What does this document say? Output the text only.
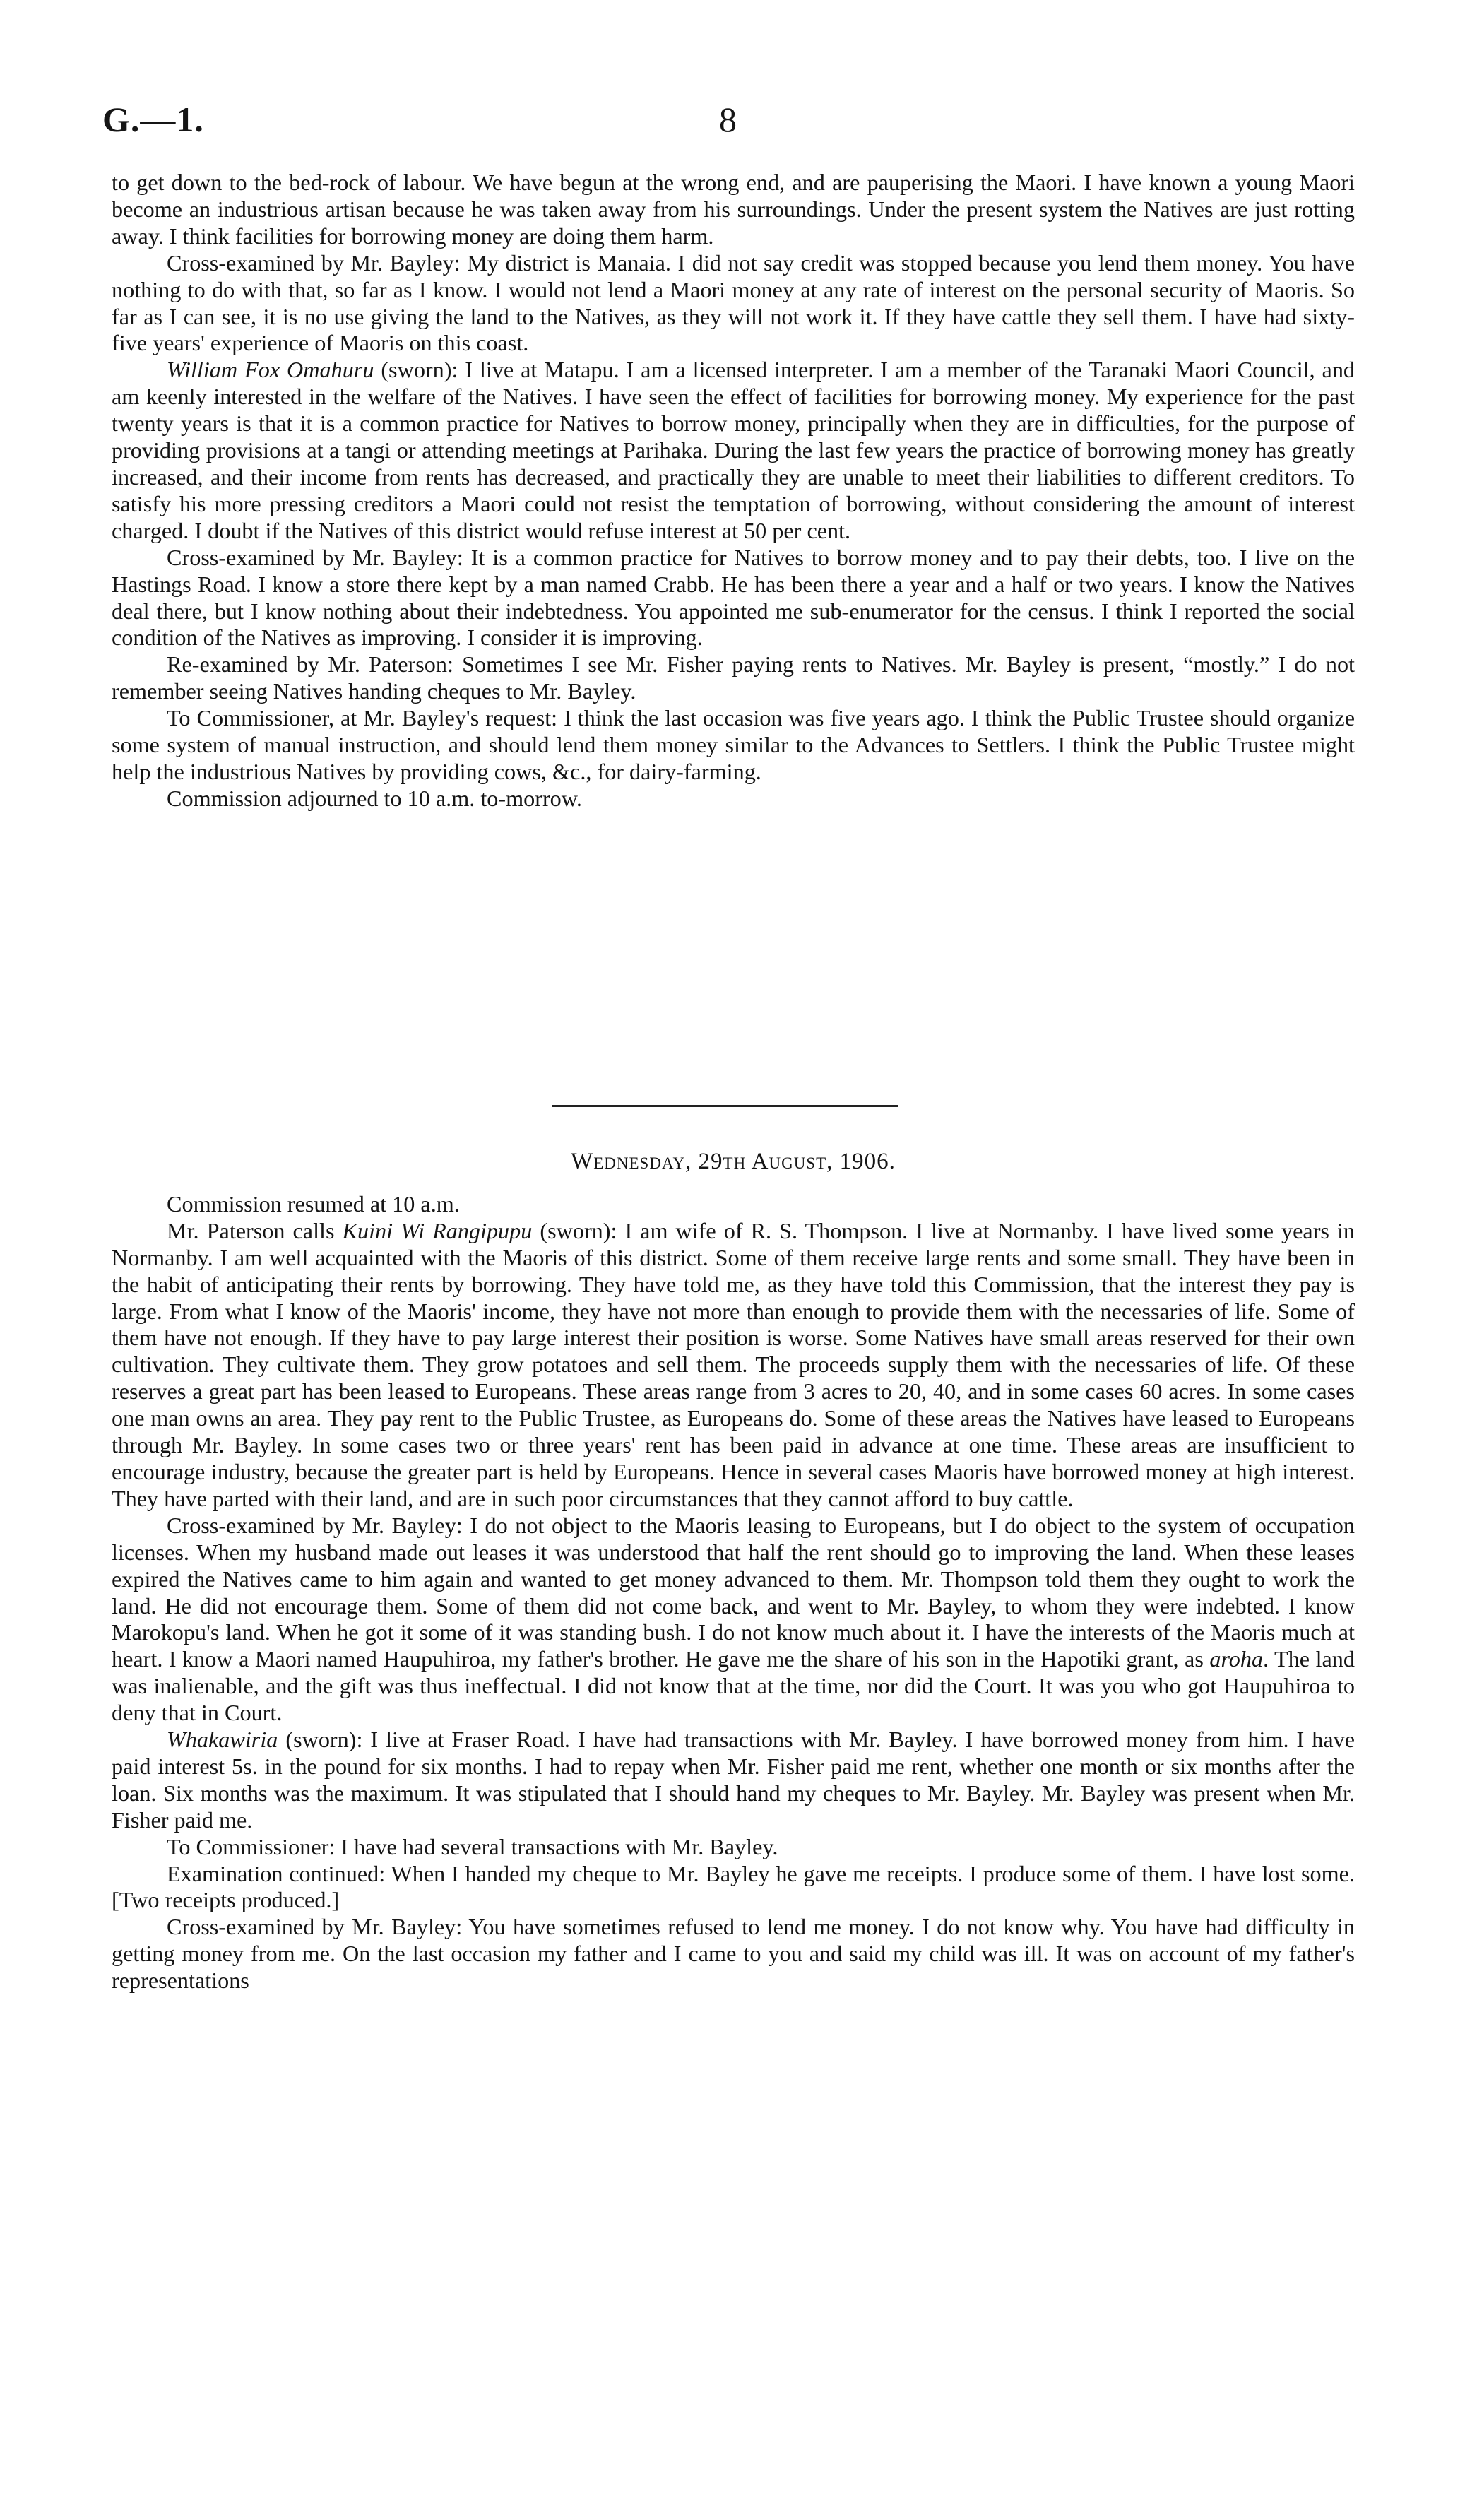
G.—1.	8

to get down to the bed-rock of labour. We have begun at the wrong end, and are pauperising the Maori. I have known a young Maori become an industrious artisan because he was taken away from his surroundings. Under the present system the Natives are just rotting away. I think facilities for borrowing money are doing them harm.

Cross-examined by Mr. Bayley: My district is Manaia. I did not say credit was stopped because you lend them money. You have nothing to do with that, so far as I know. I would not lend a Maori money at any rate of interest on the personal security of Maoris. So far as I can see, it is no use giving the land to the Natives, as they will not work it. If they have cattle they sell them. I have had sixty-five years' experience of Maoris on this coast.

William Fox Omahuru (sworn): I live at Matapu. I am a licensed interpreter. I am a member of the Taranaki Maori Council, and am keenly interested in the welfare of the Natives. I have seen the effect of facilities for borrowing money. My experience for the past twenty years is that it is a common practice for Natives to borrow money, principally when they are in difficulties, for the purpose of providing provisions at a tangi or attending meetings at Parihaka. During the last few years the practice of borrowing money has greatly increased, and their income from rents has decreased, and practically they are unable to meet their liabilities to different creditors. To satisfy his more pressing creditors a Maori could not resist the temptation of borrowing, without considering the amount of interest charged. I doubt if the Natives of this district would refuse interest at 50 per cent.

Cross-examined by Mr. Bayley: It is a common practice for Natives to borrow money and to pay their debts, too. I live on the Hastings Road. I know a store there kept by a man named Crabb. He has been there a year and a half or two years. I know the Natives deal there, but I know nothing about their indebtedness. You appointed me sub-enumerator for the census. I think I reported the social condition of the Natives as improving. I consider it is improving.

Re-examined by Mr. Paterson: Sometimes I see Mr. Fisher paying rents to Natives. Mr. Bayley is present, “mostly.” I do not remember seeing Natives handing cheques to Mr. Bayley.

To Commissioner, at Mr. Bayley's request: I think the last occasion was five years ago. I think the Public Trustee should organize some system of manual instruction, and should lend them money similar to the Advances to Settlers. I think the Public Trustee might help the industrious Natives by providing cows, &c., for dairy-farming.

Commission adjourned to 10 a.m. to-morrow.

Wednesday, 29th August, 1906.

Commission resumed at 10 a.m.

Mr. Paterson calls Kuini Wi Rangipupu (sworn): I am wife of R. S. Thompson. I live at Normanby. I have lived some years in Normanby. I am well acquainted with the Maoris of this district. Some of them receive large rents and some small. They have been in the habit of anticipating their rents by borrowing. They have told me, as they have told this Commission, that the interest they pay is large. From what I know of the Maoris' income, they have not more than enough to provide them with the necessaries of life. Some of them have not enough. If they have to pay large interest their position is worse. Some Natives have small areas reserved for their own cultivation. They cultivate them. They grow potatoes and sell them. The proceeds supply them with the necessaries of life. Of these reserves a great part has been leased to Europeans. These areas range from 3 acres to 20, 40, and in some cases 60 acres. In some cases one man owns an area. They pay rent to the Public Trustee, as Europeans do. Some of these areas the Natives have leased to Europeans through Mr. Bayley. In some cases two or three years' rent has been paid in advance at one time. These areas are insufficient to encourage industry, because the greater part is held by Europeans. Hence in several cases Maoris have borrowed money at high interest. They have parted with their land, and are in such poor circumstances that they cannot afford to buy cattle.

Cross-examined by Mr. Bayley: I do not object to the Maoris leasing to Europeans, but I do object to the system of occupation licenses. When my husband made out leases it was understood that half the rent should go to improving the land. When these leases expired the Natives came to him again and wanted to get money advanced to them. Mr. Thompson told them they ought to work the land. He did not encourage them. Some of them did not come back, and went to Mr. Bayley, to whom they were indebted. I know Marokopu's land. When he got it some of it was standing bush. I do not know much about it. I have the interests of the Maoris much at heart. I know a Maori named Haupuhiroa, my father's brother. He gave me the share of his son in the Hapotiki grant, as aroha. The land was inalienable, and the gift was thus ineffectual. I did not know that at the time, nor did the Court. It was you who got Haupuhiroa to deny that in Court.

Whakawiria (sworn): I live at Fraser Road. I have had transactions with Mr. Bayley. I have borrowed money from him. I have paid interest 5s. in the pound for six months. I had to repay when Mr. Fisher paid me rent, whether one month or six months after the loan. Six months was the maximum. It was stipulated that I should hand my cheques to Mr. Bayley. Mr. Bayley was present when Mr. Fisher paid me.

To Commissioner: I have had several transactions with Mr. Bayley.

Examination continued: When I handed my cheque to Mr. Bayley he gave me receipts. I produce some of them. I have lost some. [Two receipts produced.]

Cross-examined by Mr. Bayley: You have sometimes refused to lend me money. I do not know why. You have had difficulty in getting money from me. On the last occasion my father and I came to you and said my child was ill. It was on account of my father's representations
